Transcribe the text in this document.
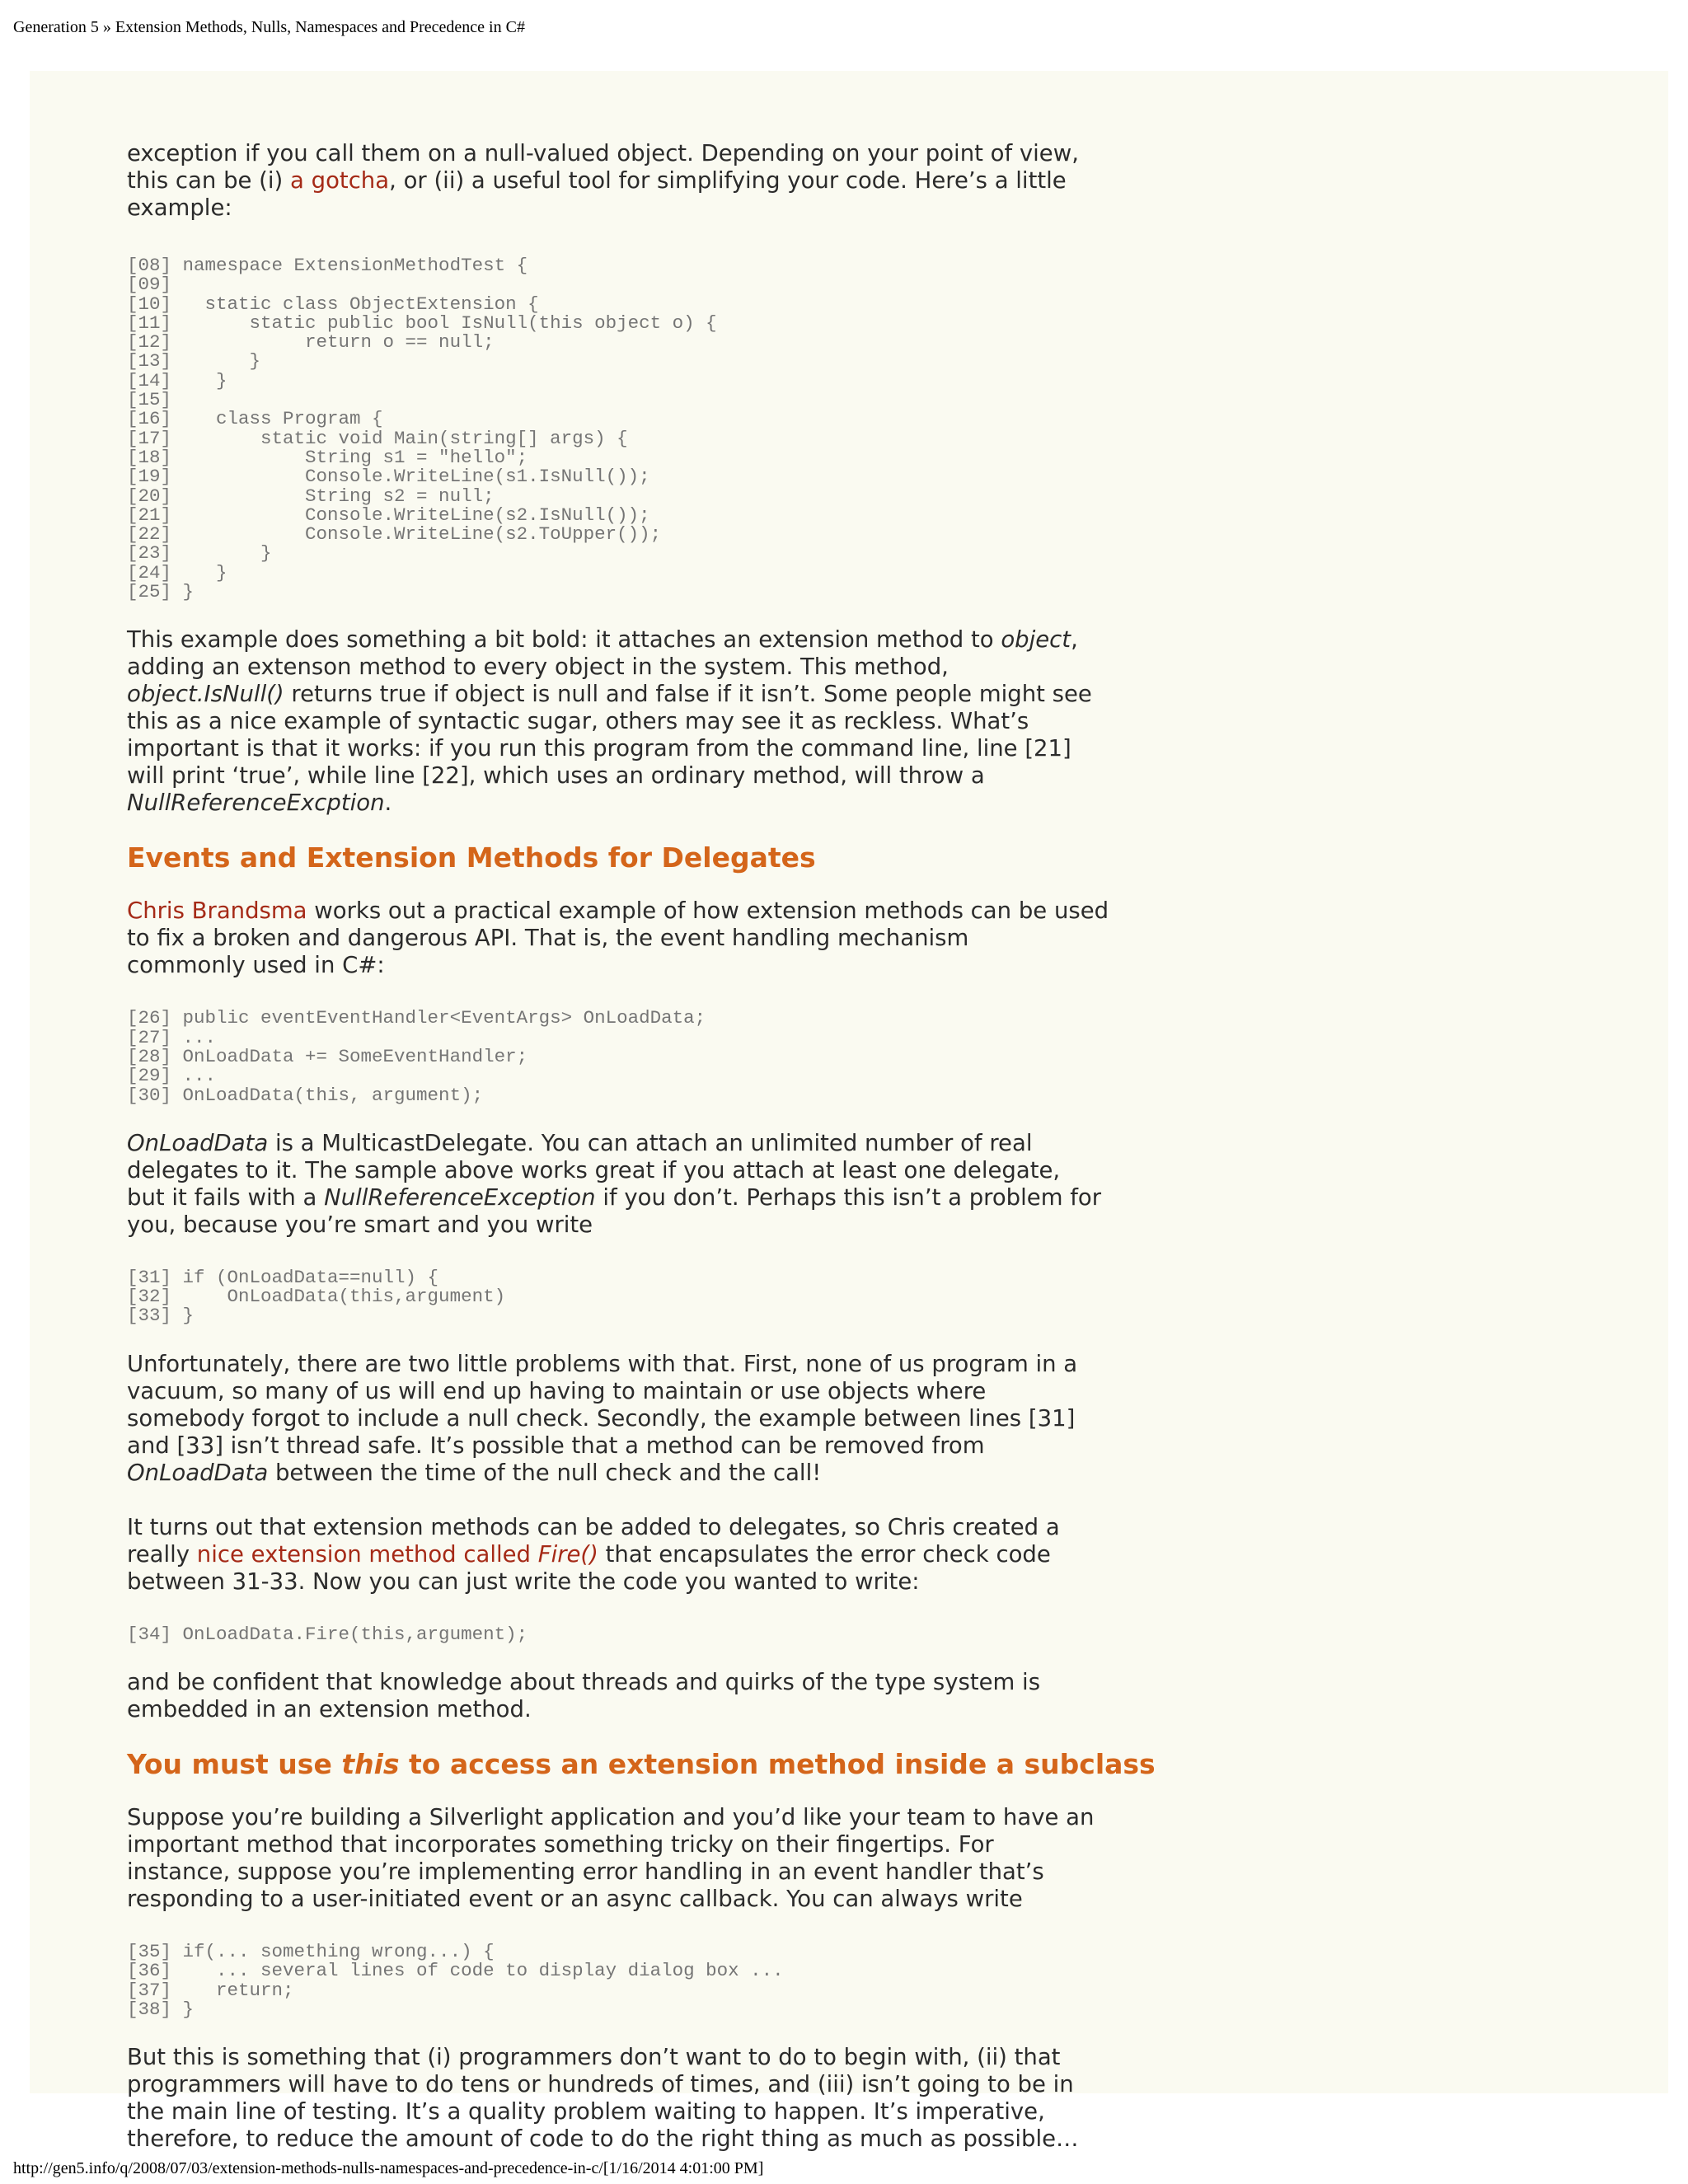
Generation 5 » Extension Methods, Nulls, Namespaces and Precedence in C#

exception if you call them on a null-valued object. Depending on your point of view,
this can be (i) a gotcha, or (ii) a useful tool for simplifying your code. Here’s a little
example:

[08] namespace ExtensionMethodTest {
[09]
[10]   static class ObjectExtension {
[11]       static public bool IsNull(this object o) {
[12]            return o == null;
[13]       }
[14]    }
[15]
[16]    class Program {
[17]        static void Main(string[] args) {
[18]            String s1 = "hello";
[19]            Console.WriteLine(s1.IsNull());
[20]            String s2 = null;
[21]            Console.WriteLine(s2.IsNull());
[22]            Console.WriteLine(s2.ToUpper());
[23]        }
[24]    }
[25] }

This example does something a bit bold: it attaches an extension method to object,
adding an extenson method to every object in the system. This method,
object.IsNull() returns true if object is null and false if it isn’t. Some people might see
this as a nice example of syntactic sugar, others may see it as reckless. What’s
important is that it works: if you run this program from the command line, line [21]
will print ‘true’, while line [22], which uses an ordinary method, will throw a
NullReferenceExcption.

Events and Extension Methods for Delegates

Chris Brandsma works out a practical example of how extension methods can be used
to fix a broken and dangerous API. That is, the event handling mechanism
commonly used in C#:

[26] public eventEventHandler<EventArgs> OnLoadData;
[27] ...
[28] OnLoadData += SomeEventHandler;
[29] ...
[30] OnLoadData(this, argument);

OnLoadData is a MulticastDelegate. You can attach an unlimited number of real
delegates to it. The sample above works great if you attach at least one delegate,
but it fails with a NullReferenceException if you don’t. Perhaps this isn’t a problem for
you, because you’re smart and you write

[31] if (OnLoadData==null) {
[32]     OnLoadData(this,argument)
[33] }

Unfortunately, there are two little problems with that. First, none of us program in a
vacuum, so many of us will end up having to maintain or use objects where
somebody forgot to include a null check. Secondly, the example between lines [31]
and [33] isn’t thread safe. It’s possible that a method can be removed from
OnLoadData between the time of the null check and the call!

It turns out that extension methods can be added to delegates, so Chris created a
really nice extension method called Fire() that encapsulates the error check code
between 31-33. Now you can just write the code you wanted to write:

[34] OnLoadData.Fire(this,argument);

and be confident that knowledge about threads and quirks of the type system is
embedded in an extension method.

You must use this to access an extension method inside a subclass

Suppose you’re building a Silverlight application and you’d like your team to have an
important method that incorporates something tricky on their fingertips. For
instance, suppose you’re implementing error handling in an event handler that’s
responding to a user-initiated event or an async callback. You can always write

[35] if(... something wrong...) {
[36]    ... several lines of code to display dialog box ...
[37]    return;
[38] }

But this is something that (i) programmers don’t want to do to begin with, (ii) that
programmers will have to do tens or hundreds of times, and (iii) isn’t going to be in
the main line of testing. It’s a quality problem waiting to happen. It’s imperative,
therefore, to reduce the amount of code to do the right thing as much as possible…

http://gen5.info/q/2008/07/03/extension-methods-nulls-namespaces-and-precedence-in-c/[1/16/2014 4:01:00 PM]
